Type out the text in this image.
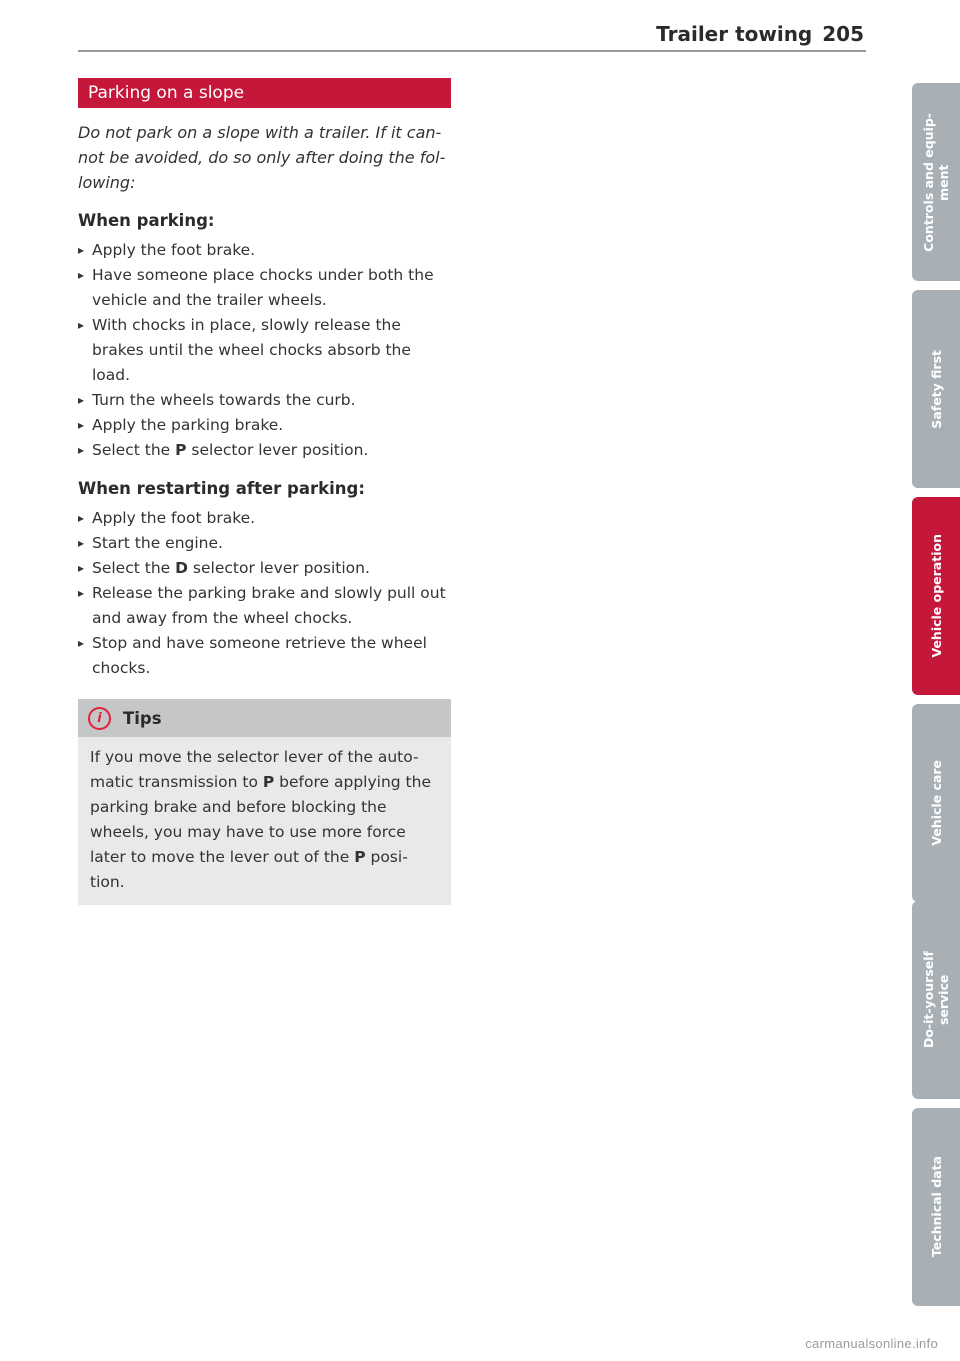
Trailer towing 205
Parking on a slope

Do not park on a slope with a trailer. If it can-not be avoided, do so only after doing the fol-lowing:

When parking:
▸ Apply the foot brake.
▸ Have someone place chocks under both the vehicle and the trailer wheels.
▸ With chocks in place, slowly release the brakes until the wheel chocks absorb the load.
▸ Turn the wheels towards the curb.
▸ Apply the parking brake.
▸ Select the P selector lever position.
When restarting after parking:
▸ Apply the foot brake.
▸ Start the engine.
▸ Select the D selector lever position.
▸ Release the parking brake and slowly pull out and away from the wheel chocks.
▸ Stop and have someone retrieve the wheel chocks.
i	Tips
If you move the selector lever of the auto-matic transmission to P before applying the parking brake and before blocking the wheels, you may have to use more force later to move the lever out of the P posi-tion.
Controls and equip-
ment
Safety first
Vehicle operation
Vehicle care
Do-it-yourself
service
Technical data
carmanualsonline.info
